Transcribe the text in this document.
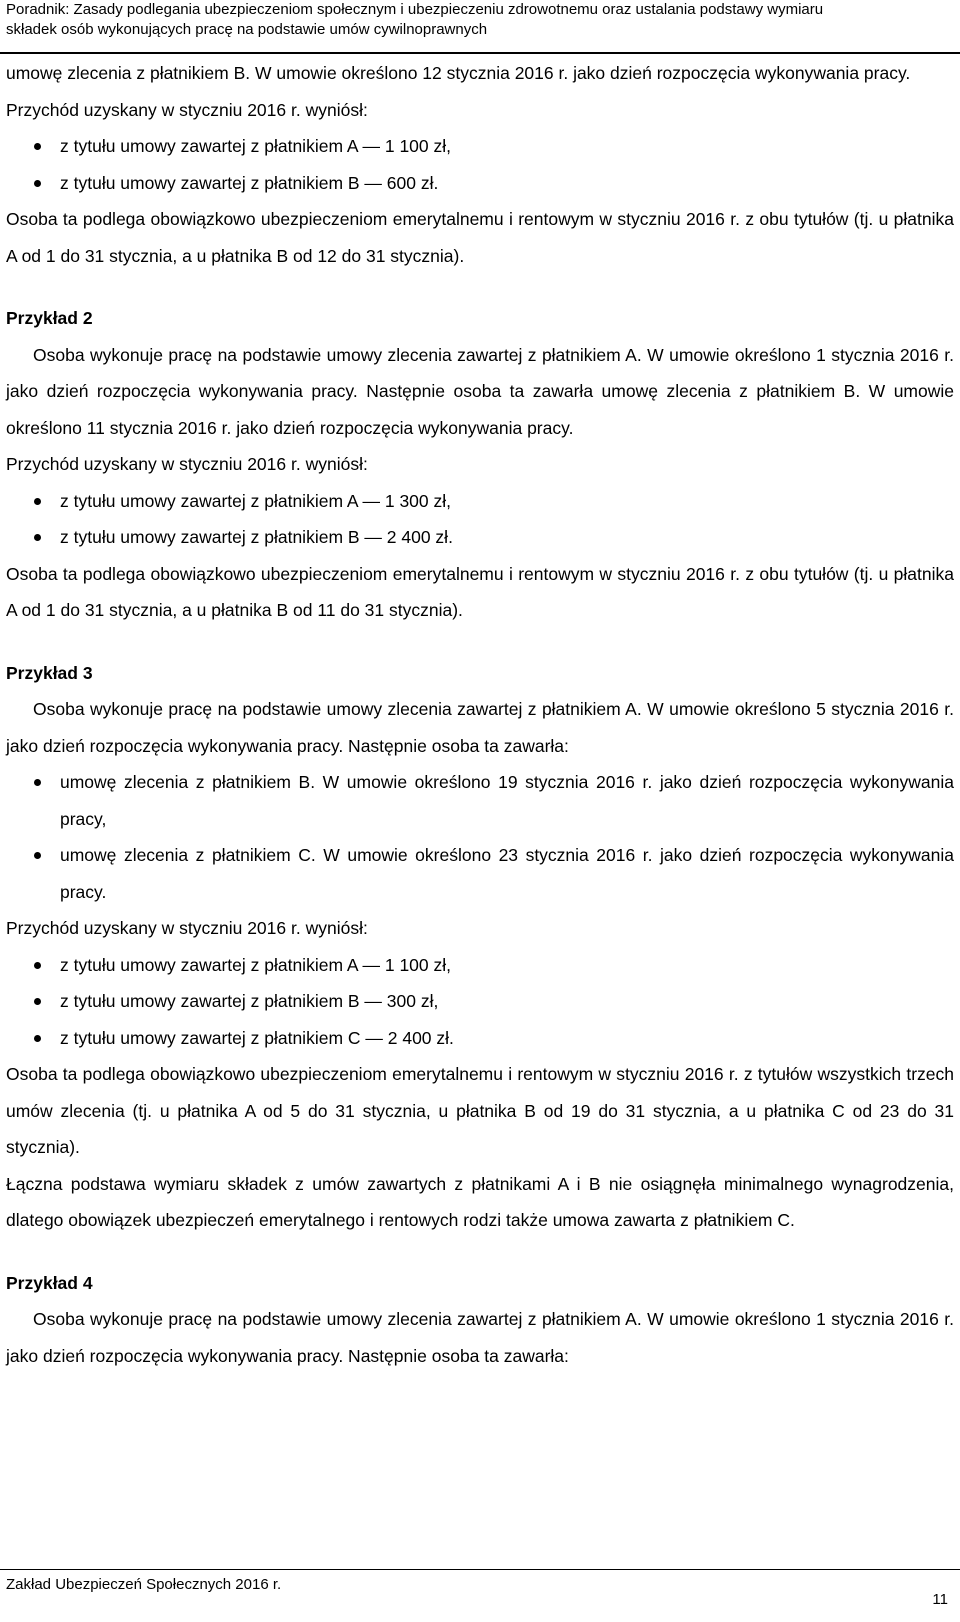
Poradnik: Zasady podlegania ubezpieczeniom społecznym i ubezpieczeniu zdrowotnemu oraz ustalania podstawy wymiaru
składek osób wykonujących pracę na podstawie umów cywilnoprawnych

umowę zlecenia z płatnikiem B. W umowie określono 12 stycznia 2016 r. jako dzień rozpoczęcia wykonywania pracy.

Przychód uzyskany w styczniu 2016 r. wyniósł:

z tytułu umowy zawartej z płatnikiem A — 1 100 zł,
z tytułu umowy zawartej z płatnikiem B — 600 zł.

Osoba ta podlega obowiązkowo ubezpieczeniom emerytalnemu i rentowym w styczniu 2016 r. z obu tytułów (tj. u płatnika A od 1 do 31 stycznia, a u płatnika B od 12 do 31 stycznia).

Przykład 2

Osoba wykonuje pracę na podstawie umowy zlecenia zawartej z płatnikiem A. W umowie określono 1 stycznia 2016 r. jako dzień rozpoczęcia wykonywania pracy. Następnie osoba ta zawarła umowę zlecenia z płatnikiem B. W umowie określono 11 stycznia 2016 r. jako dzień rozpoczęcia wykonywania pracy.

Przychód uzyskany w styczniu 2016 r. wyniósł:

z tytułu umowy zawartej z płatnikiem A — 1 300 zł,
z tytułu umowy zawartej z płatnikiem B — 2 400 zł.

Osoba ta podlega obowiązkowo ubezpieczeniom emerytalnemu i rentowym w styczniu 2016 r. z obu tytułów (tj. u płatnika A od 1 do 31 stycznia, a u płatnika B od 11 do 31 stycznia).

Przykład 3

Osoba wykonuje pracę na podstawie umowy zlecenia zawartej z płatnikiem A. W umowie określono 5 stycznia 2016 r. jako dzień rozpoczęcia wykonywania pracy. Następnie osoba ta zawarła:

umowę zlecenia z płatnikiem B. W umowie określono 19 stycznia 2016 r. jako dzień rozpoczęcia wykonywania pracy,
umowę zlecenia z płatnikiem C. W umowie określono 23 stycznia 2016 r. jako dzień rozpoczęcia wykonywania pracy.

Przychód uzyskany w styczniu 2016 r. wyniósł:

z tytułu umowy zawartej z płatnikiem A — 1 100 zł,
z tytułu umowy zawartej z płatnikiem B — 300 zł,
z tytułu umowy zawartej z płatnikiem C — 2 400 zł.

Osoba ta podlega obowiązkowo ubezpieczeniom emerytalnemu i rentowym w styczniu 2016 r. z tytułów wszystkich trzech umów zlecenia (tj. u płatnika A od 5 do 31 stycznia, u płatnika B od 19 do 31 stycznia, a u płatnika C od 23 do 31 stycznia).

Łączna podstawa wymiaru składek z umów zawartych z płatnikami A i B nie osiągnęła minimalnego wynagrodzenia, dlatego obowiązek ubezpieczeń emerytalnego i rentowych rodzi także umowa zawarta z płatnikiem C.

Przykład 4

Osoba wykonuje pracę na podstawie umowy zlecenia zawartej z płatnikiem A. W umowie określono 1 stycznia 2016 r. jako dzień rozpoczęcia wykonywania pracy. Następnie osoba ta zawarła:

Zakład Ubezpieczeń Społecznych 2016 r.
11
